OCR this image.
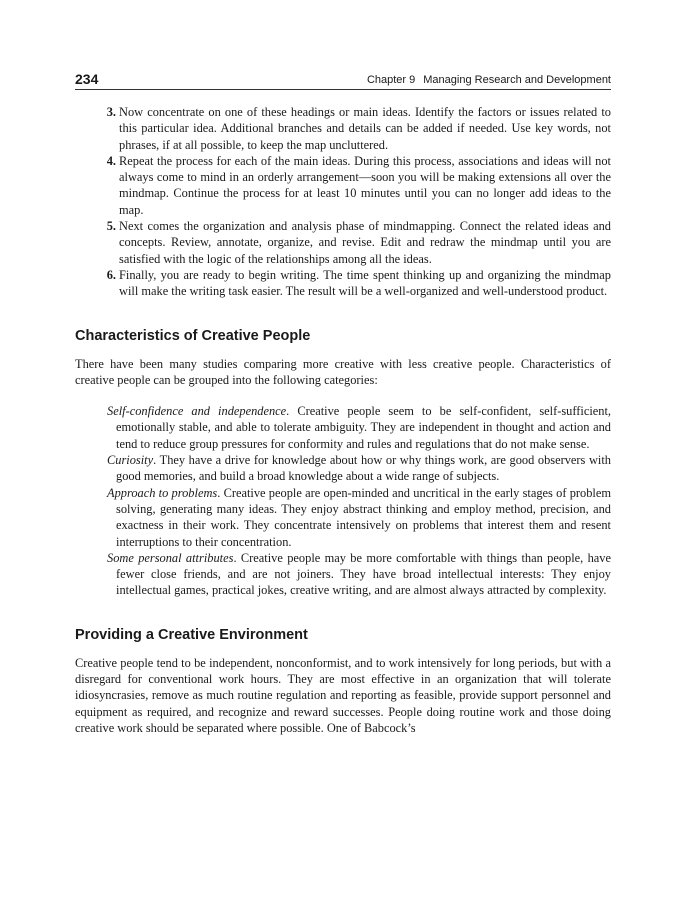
234	Chapter 9 Managing Research and Development
3. Now concentrate on one of these headings or main ideas. Identify the factors or issues related to this particular idea. Additional branches and details can be added if needed. Use key words, not phrases, if at all possible, to keep the map uncluttered.
4. Repeat the process for each of the main ideas. During this process, associations and ideas will not always come to mind in an orderly arrangement—soon you will be making extensions all over the mindmap. Continue the process for at least 10 minutes until you can no longer add ideas to the map.
5. Next comes the organization and analysis phase of mindmapping. Connect the related ideas and concepts. Review, annotate, organize, and revise. Edit and redraw the mindmap until you are satisfied with the logic of the relationships among all the ideas.
6. Finally, you are ready to begin writing. The time spent thinking up and organizing the mindmap will make the writing task easier. The result will be a well-organized and well-understood product.
Characteristics of Creative People

There have been many studies comparing more creative with less creative people. Characteristics of creative people can be grouped into the following categories:

Self-confidence and independence. Creative people seem to be self-confident, self-sufficient, emotionally stable, and able to tolerate ambiguity. They are independent in thought and action and tend to reduce group pressures for conformity and rules and regulations that do not make sense.

Curiosity. They have a drive for knowledge about how or why things work, are good observers with good memories, and build a broad knowledge about a wide range of subjects.

Approach to problems. Creative people are open-minded and uncritical in the early stages of problem solving, generating many ideas. They enjoy abstract thinking and employ method, precision, and exactness in their work. They concentrate intensively on problems that interest them and resent interruptions to their concentration.

Some personal attributes. Creative people may be more comfortable with things than people, have fewer close friends, and are not joiners. They have broad intellectual interests: They enjoy intellectual games, practical jokes, creative writing, and are almost always attracted by complexity.

Providing a Creative Environment

Creative people tend to be independent, nonconformist, and to work intensively for long periods, but with a disregard for conventional work hours. They are most effective in an organization that will tolerate idiosyncrasies, remove as much routine regulation and reporting as feasible, provide support personnel and equipment as required, and recognize and reward successes. People doing routine work and those doing creative work should be separated where possible. One of Babcock’s
